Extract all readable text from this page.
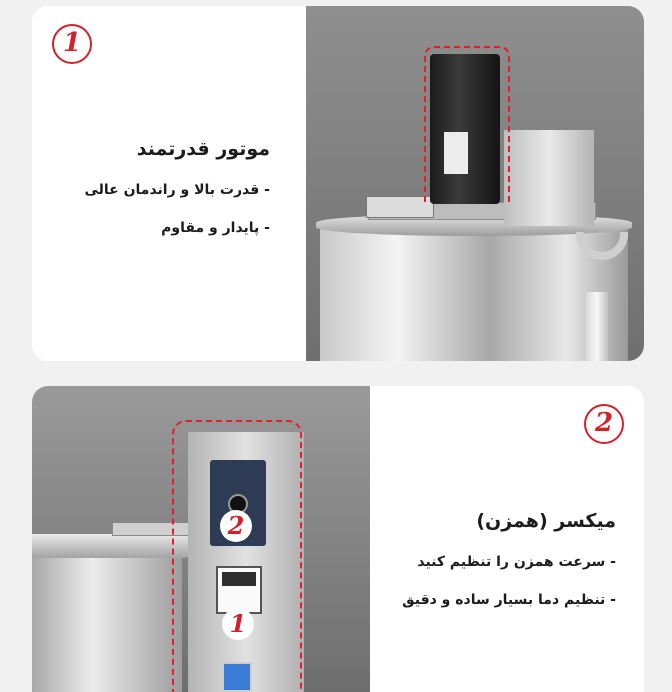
1
موتور قدرتمند
- قدرت بالا و راندمان عالی
- پایدار و مقاوم
2
1
2
میکسر (همزن)
- سرعت همزن را تنظیم کنید
- تنظیم دما بسیار ساده و دقیق
